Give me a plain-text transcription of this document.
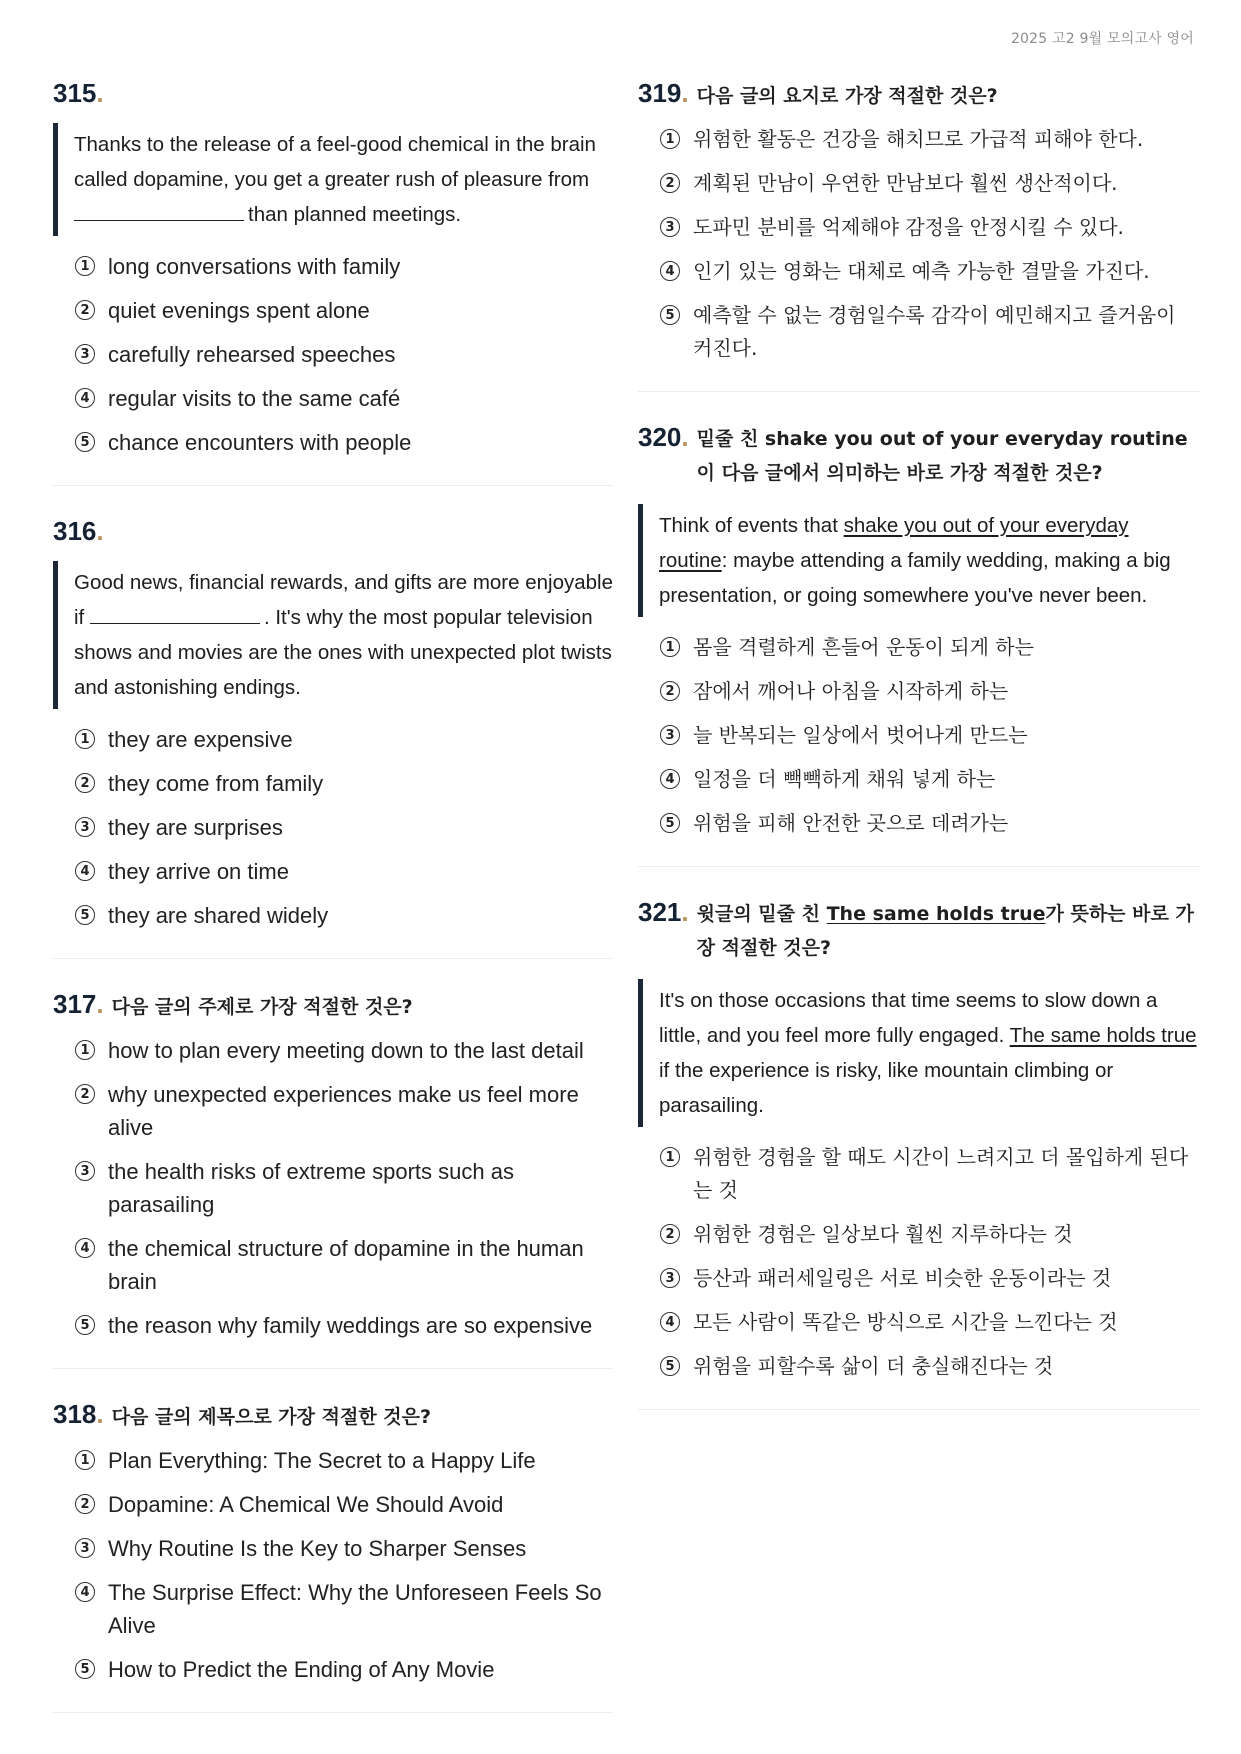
2025 고2 9월 모의고사 영어
315.
Thanks to the release of a feel-good chemical in the brain called dopamine, you get a greater rush of pleasure from than planned meetings.
1 long conversations with family
2 quiet evenings spent alone
3 carefully rehearsed speeches
4 regular visits to the same café
5 chance encounters with people
316.
Good news, financial rewards, and gifts are more enjoyable if	. It's why the most popular television shows and movies are the ones with unexpected plot twists and astonishing endings.
1 they are expensive
2 they come from family
3 they are surprises
4 they arrive on time
5 they are shared widely
317. 다음 글의 주제로 가장 적절한 것은?
1 how to plan every meeting down to the last detail
2 why unexpected experiences make us feel more alive
3 the health risks of extreme sports such as parasailing
4 the chemical structure of dopamine in the human brain
5 the reason why family weddings are so expensive
318. 다음 글의 제목으로 가장 적절한 것은?
1 Plan Everything: The Secret to a Happy Life
2 Dopamine: A Chemical We Should Avoid
3 Why Routine Is the Key to Sharper Senses
4 The Surprise Effect: Why the Unforeseen Feels So Alive
5 How to Predict the Ending of Any Movie
319. 다음 글의 요지로 가장 적절한 것은?
1 위험한 활동은 건강을 해치므로 가급적 피해야 한다.
2 계획된 만남이 우연한 만남보다 훨씬 생산적이다.
3 도파민 분비를 억제해야 감정을 안정시킬 수 있다.
4 인기 있는 영화는 대체로 예측 가능한 결말을 가진다.
5 예측할 수 없는 경험일수록 감각이 예민해지고 즐거움이 커진다.
320. 밑줄 친 shake you out of your everyday routine이 다음 글에서 의미하는 바로 가장 적절한 것은?
Think of events that shake you out of your everyday routine: maybe attending a family wedding, making a big presentation, or going somewhere you've never been.
1 몸을 격렬하게 흔들어 운동이 되게 하는
2 잠에서 깨어나 아침을 시작하게 하는
3 늘 반복되는 일상에서 벗어나게 만드는
4 일정을 더 빽빽하게 채워 넣게 하는
5 위험을 피해 안전한 곳으로 데려가는
321. 윗글의 밑줄 친 The same holds true가 뜻하는 바로 가장 적절한 것은?
It's on those occasions that time seems to slow down a little, and you feel more fully engaged. The same holds true if the experience is risky, like mountain climbing or parasailing.
1 위험한 경험을 할 때도 시간이 느려지고 더 몰입하게 된다는 것
2 위험한 경험은 일상보다 훨씬 지루하다는 것
3 등산과 패러세일링은 서로 비슷한 운동이라는 것
4 모든 사람이 똑같은 방식으로 시간을 느낀다는 것
5 위험을 피할수록 삶이 더 충실해진다는 것
